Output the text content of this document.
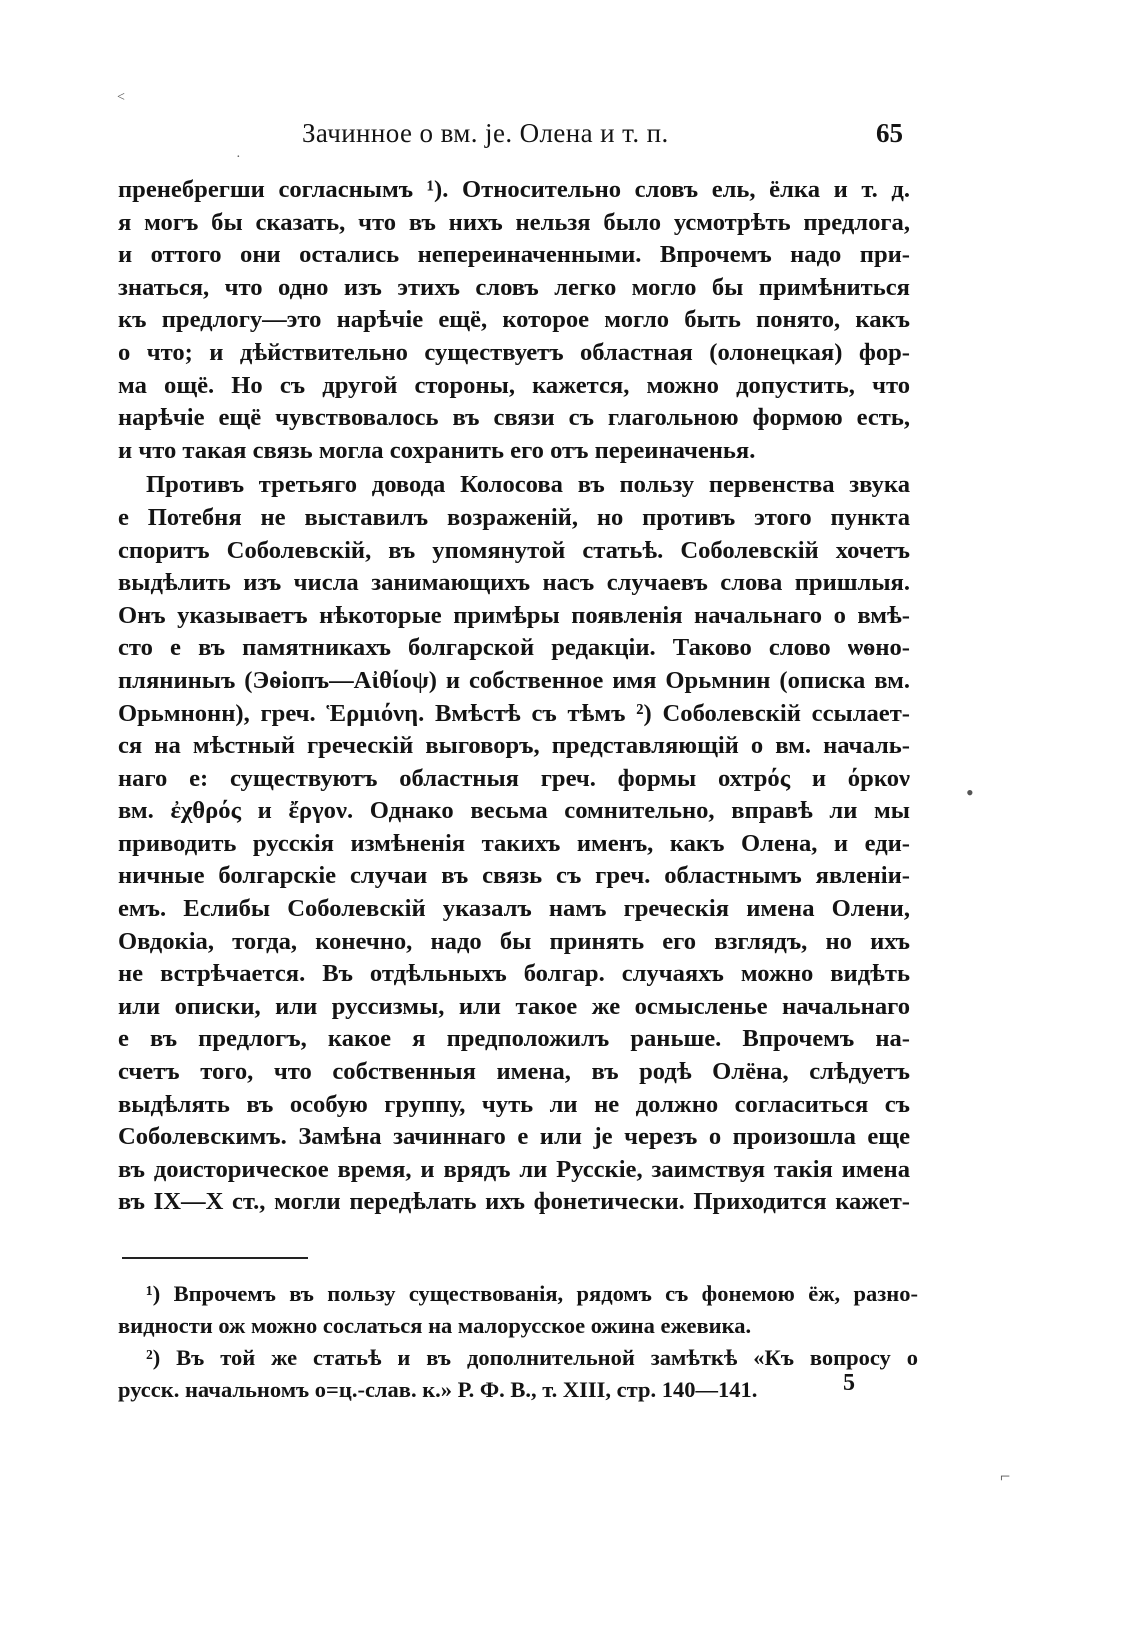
˂
·
•
⌐
Зачинное о вм. je. Олена и т. п.	65

пренебрегши согласнымъ ¹). Относительно словъ ель, ёлка и т. д.

я могъ бы сказать, что въ нихъ нельзя было усмотрѣть предлога,

и оттого они остались непереиначенными. Впрочемъ надо при-

знаться, что одно изъ этихъ словъ легко могло бы примѣниться

къ предлогу—это нарѣчіе ещё, которое могло быть понято, какъ

о что; и дѣйствительно существуетъ областная (олонецкая) фор-

ма ощё. Но съ другой стороны, кажется, можно допустить, что

нарѣчіе ещё чувствовалось въ связи съ глагольною формою есть,

и что такая связь могла сохранить его отъ переиначенья.

Противъ третьяго довода Колосова въ пользу первенства звука

е Потебня не выставилъ возраженій, но противъ этого пункта

споритъ Соболевскій, въ упомянутой статьѣ. Соболевскій хочетъ

выдѣлить изъ числа занимающихъ насъ случаевъ слова пришлыя.

Онъ указываетъ нѣкоторые примѣры появленія начальнаго о вмѣ-

сто е въ памятникахъ болгарской редакціи. Таково слово ѡѳно-

пляниныъ (Эѳіопъ—Αἰθίοψ) и собственное имя Орьмнин (описка вм.

Орьмнонн), греч. Ἑρμιόνη. Вмѣстѣ съ тѣмъ ²) Соболевскій ссылает-

ся на мѣстный греческій выговоръ, представляющій о вм. началь-

наго е: существуютъ областныя греч. формы охтрός и όрκον

вм. ἐχθρός и ἔργον. Однако весьма сомнительно, вправѣ ли мы

приводить русскія измѣненія такихъ именъ, какъ Олена, и еди-

ничные болгарскіе случаи въ связь съ греч. областнымъ явленіи-

емъ. Еслибы Соболевскій указалъ намъ греческія имена Олени,

Овдокіа, тогда, конечно, надо бы принять его взглядъ, но ихъ

не встрѣчается. Въ отдѣльныхъ болгар. случаяхъ можно видѣть

или описки, или руссизмы, или такое же осмысленье начальнаго

е въ предлогъ, какое я предположилъ раньше. Впрочемъ на-

счетъ того, что собственныя имена, въ родѣ Олёна, слѣдуетъ

выдѣлять въ особую группу, чуть ли не должно согласиться съ

Соболевскимъ. Замѣна зачиннаго е или je черезъ о произошла еще

въ доисторическое время, и врядъ ли Русскіе, заимствуя такія имена

въ IX—X ст., могли передѣлать ихъ фонетически. Приходится кажет-

¹) Впрочемъ въ пользу существованія, рядомъ съ фонемою ёж, разно-

видности ож можно сослаться на малорусское ожина ежевика.

²) Въ той же статьѣ и въ дополнительной замѣткѣ «Къ вопросу о

русск. начальномъ о=ц.-слав. к.» Р. Ф. В., т. XIII, стр. 140—141.	5
